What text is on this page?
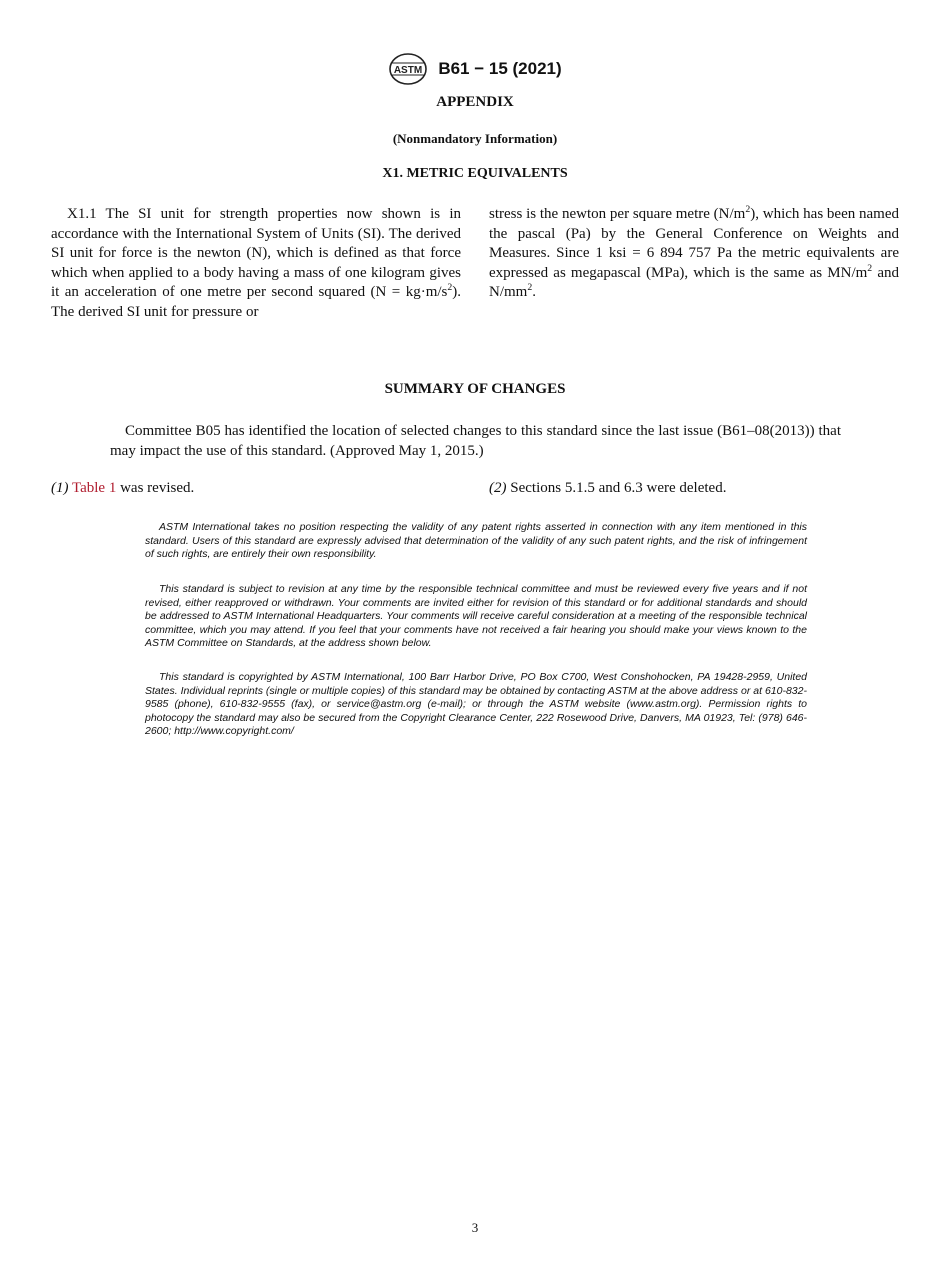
ASTM B61 − 15 (2021)
APPENDIX
(Nonmandatory Information)
X1. METRIC EQUIVALENTS
X1.1 The SI unit for strength properties now shown is in accordance with the International System of Units (SI). The derived SI unit for force is the newton (N), which is defined as that force which when applied to a body having a mass of one kilogram gives it an acceleration of one metre per second squared $(N = kg\cdot m/s^2)$. The derived SI unit for pressure or
stress is the newton per square metre $(N/m^2)$, which has been named the pascal (Pa) by the General Conference on Weights and Measures. Since 1 ksi = 6 894 757 Pa the metric equivalents are expressed as megapascal (MPa), which is the same as $MN/m^2$ and $N/mm^2$.
SUMMARY OF CHANGES
Committee B05 has identified the location of selected changes to this standard since the last issue (B61–08(2013)) that may impact the use of this standard. (Approved May 1, 2015.)
(1) Table 1 was revised.	(2) Sections 5.1.5 and 6.3 were deleted.
ASTM International takes no position respecting the validity of any patent rights asserted in connection with any item mentioned in this standard. Users of this standard are expressly advised that determination of the validity of any such patent rights, and the risk of infringement of such rights, are entirely their own responsibility.
This standard is subject to revision at any time by the responsible technical committee and must be reviewed every five years and if not revised, either reapproved or withdrawn. Your comments are invited either for revision of this standard or for additional standards and should be addressed to ASTM International Headquarters. Your comments will receive careful consideration at a meeting of the responsible technical committee, which you may attend. If you feel that your comments have not received a fair hearing you should make your views known to the ASTM Committee on Standards, at the address shown below.
This standard is copyrighted by ASTM International, 100 Barr Harbor Drive, PO Box C700, West Conshohocken, PA 19428-2959, United States. Individual reprints (single or multiple copies) of this standard may be obtained by contacting ASTM at the above address or at 610-832-9585 (phone), 610-832-9555 (fax), or service@astm.org (e-mail); or through the ASTM website (www.astm.org). Permission rights to photocopy the standard may also be secured from the Copyright Clearance Center, 222 Rosewood Drive, Danvers, MA 01923, Tel: (978) 646-2600; http://www.copyright.com/
3
